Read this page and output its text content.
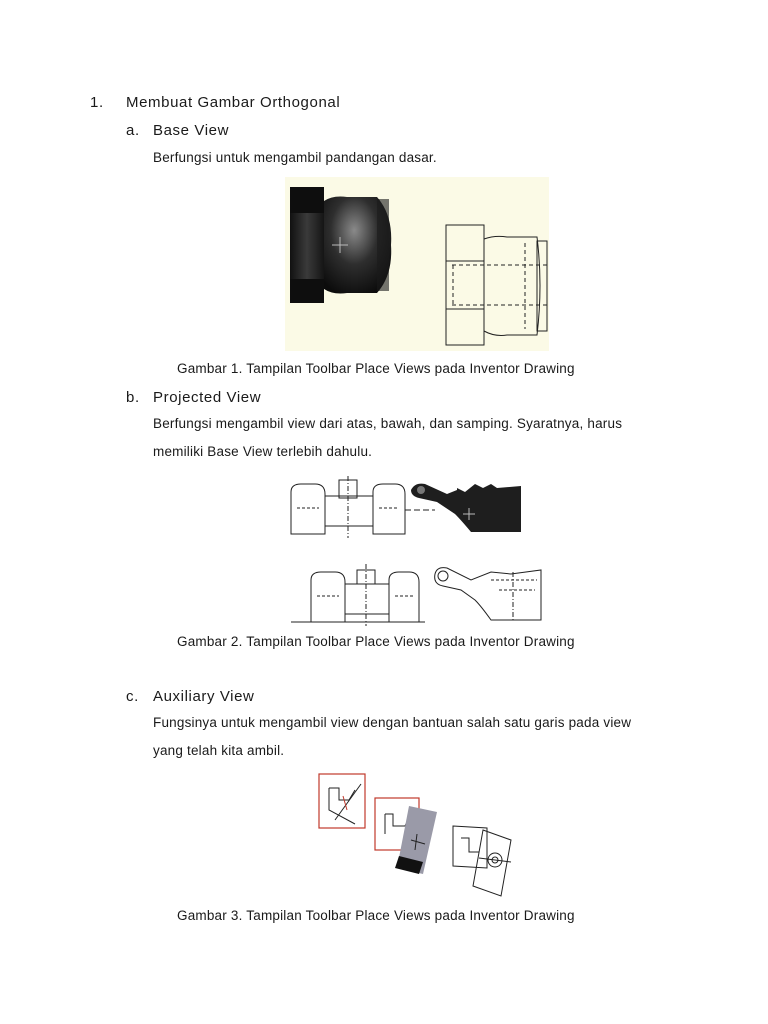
1. Membuat Gambar Orthogonal
a. Base View
Berfungsi untuk mengambil pandangan dasar.
Gambar 1. Tampilan Toolbar Place Views pada Inventor Drawing
b. Projected View
Berfungsi mengambil view dari atas, bawah, dan samping. Syaratnya, harus
memiliki Base View terlebih dahulu.
Gambar 2. Tampilan Toolbar Place Views pada Inventor Drawing
c. Auxiliary View
Fungsinya untuk mengambil view dengan bantuan salah satu garis pada view
yang telah kita ambil.
Gambar 3. Tampilan Toolbar Place Views pada Inventor Drawing
